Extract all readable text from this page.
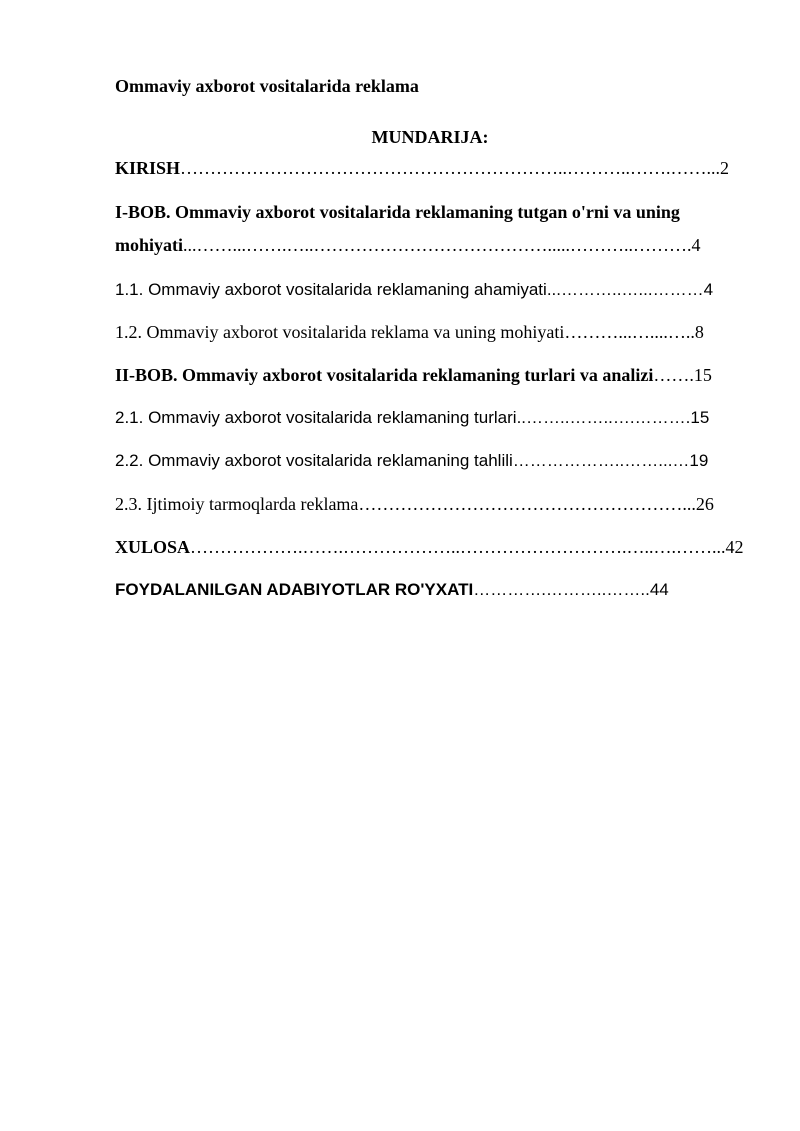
Ommaviy axborot vositalarida reklama
MUNDARIJA:
KIRISH………………………………………………………..………..…….……...2
I-BOB. Ommaviy axborot vositalarida reklamaning tutgan o'rni va uning
mohiyati...……...…….…..………………………………….....………..……….4
1.1. Ommaviy axborot vositalarida reklamaning ahamiyati...………..…...………4
1.2. Ommaviy axborot vositalarida reklama va uning mohiyati………...…....…..8
II-BOB. Ommaviy axborot vositalarida reklamaning turlari va analizi…….15
2.1. Ommaviy axborot vositalarida reklamaning turlari..……..……..….……….15
2.2. Ommaviy axborot vositalarida reklamaning tahlili………………..……...…19
2.3. Ijtimoiy tarmoqlarda reklama………………………………………………...26
XULOSA……………….…….………………..……………………….…..….……...42
FOYDALANILGAN ADABIYOTLAR RO'YXATI………….………..……..44
